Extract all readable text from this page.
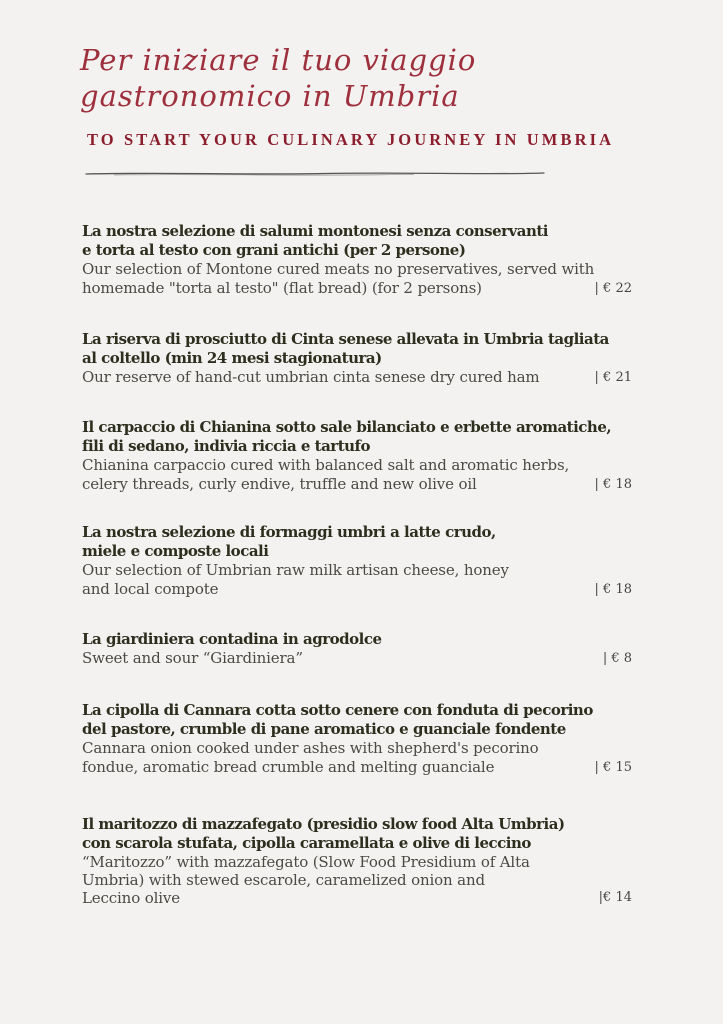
Per iniziare il tuo viaggio gastronomico in Umbria
TO START YOUR CULINARY JOURNEY IN UMBRIA
La nostra selezione di salumi montonesi senza conservanti
e torta al testo con grani antichi (per 2 persone)
Our selection of Montone cured meats no preservatives, served with
homemade "torta al testo" (flat bread) (for 2 persons)	| € 22
La riserva di prosciutto di Cinta senese allevata in Umbria tagliata
al coltello (min 24 mesi stagionatura)
Our reserve of hand-cut umbrian cinta senese dry cured ham	| € 21
Il carpaccio di Chianina sotto sale bilanciato e erbette aromatiche,
fili di sedano, indivia riccia e tartufo
Chianina carpaccio cured with balanced salt and aromatic herbs,
celery threads, curly endive, truffle and new olive oil	| € 18
La nostra selezione di formaggi umbri a latte crudo,
miele e composte locali
Our selection of Umbrian raw milk artisan cheese, honey
and local compote	| € 18
La giardiniera contadina in agrodolce
Sweet and sour “Giardiniera”	| € 8
La cipolla di Cannara cotta sotto cenere con fonduta di pecorino
del pastore, crumble di pane aromatico e guanciale fondente
Cannara onion cooked under ashes with shepherd's pecorino
fondue, aromatic bread crumble and melting guanciale	| € 15
Il maritozzo di mazzafegato (presidio slow food Alta Umbria)
con scarola stufata, cipolla caramellata e olive di leccino
“Maritozzo” with mazzafegato (Slow Food Presidium of Alta
Umbria) with stewed escarole, caramelized onion and
Leccino olive	|€ 14
